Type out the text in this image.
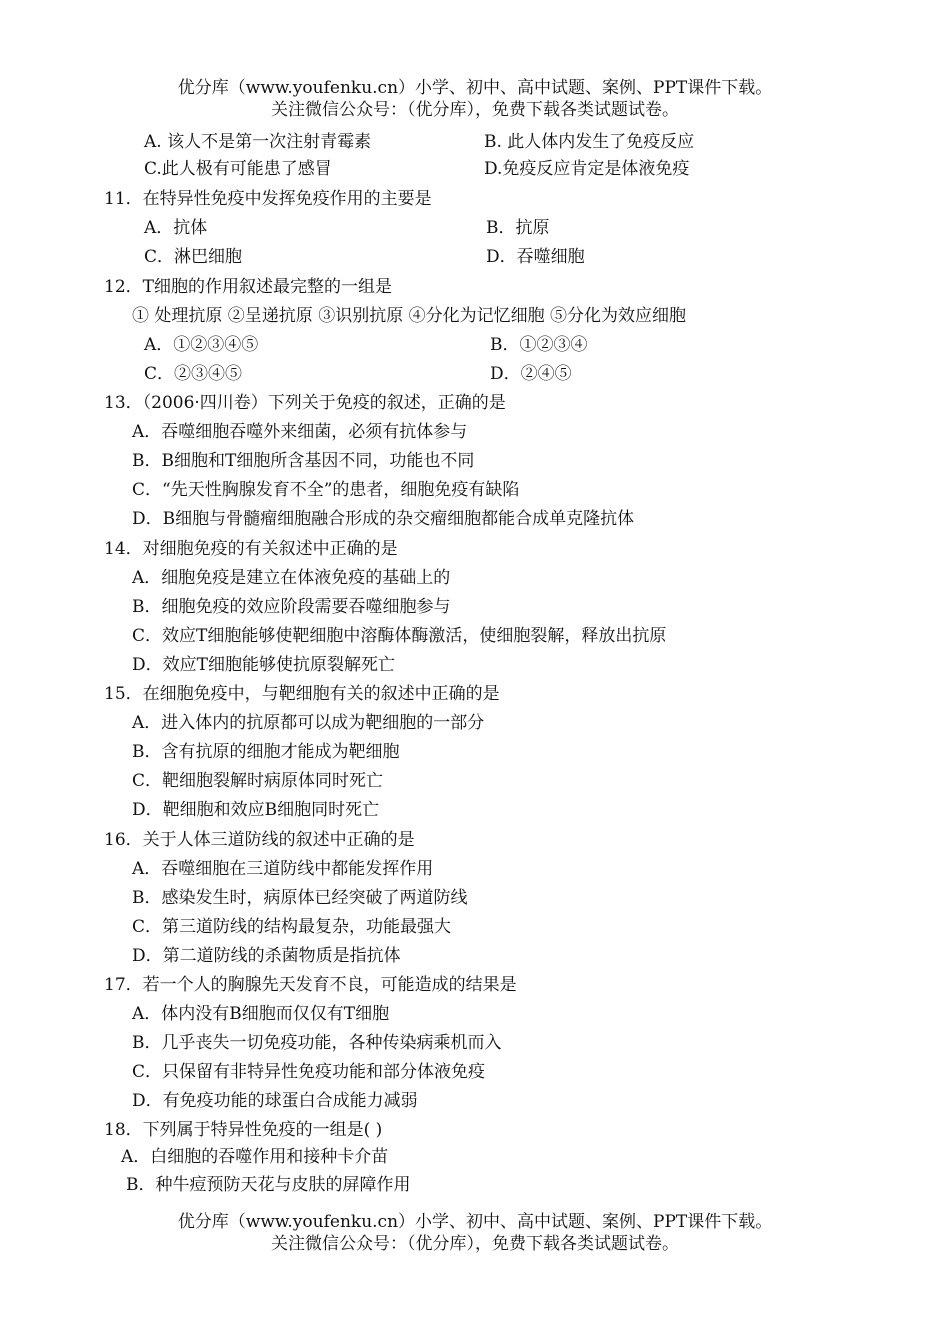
优分库（www.youfenku.cn）小学、初中、高中试题、案例、PPT课件下载。
关注微信公众号：（优分库），免费下载各类试题试卷。
A. 该人不是第一次注射青霉素	B. 此人体内发生了免疫反应
C.此人极有可能患了感冒	D.免疫反应肯定是体液免疫
11．在特异性免疫中发挥免疫作用的主要是
A．抗体	B．抗原
C．淋巴细胞	D．吞噬细胞
12．T细胞的作用叙述最完整的一组是
① 处理抗原 ②呈递抗原 ③识别抗原 ④分化为记忆细胞 ⑤分化为效应细胞
A．①②③④⑤	B．①②③④
C．②③④⑤	D．②④⑤
13．（2006·四川卷）下列关于免疫的叙述，正确的是
A．吞噬细胞吞噬外来细菌，必须有抗体参与
B．B细胞和T细胞所含基因不同，功能也不同
C．“先天性胸腺发育不全”的患者，细胞免疫有缺陷
D．B细胞与骨髓瘤细胞融合形成的杂交瘤细胞都能合成单克隆抗体
14．对细胞免疫的有关叙述中正确的是
A．细胞免疫是建立在体液免疫的基础上的
B．细胞免疫的效应阶段需要吞噬细胞参与
C．效应T细胞能够使靶细胞中溶酶体酶激活，使细胞裂解，释放出抗原
D．效应T细胞能够使抗原裂解死亡
15．在细胞免疫中，与靶细胞有关的叙述中正确的是
A．进入体内的抗原都可以成为靶细胞的一部分
B．含有抗原的细胞才能成为靶细胞
C．靶细胞裂解时病原体同时死亡
D．靶细胞和效应B细胞同时死亡
16．关于人体三道防线的叙述中正确的是
A．吞噬细胞在三道防线中都能发挥作用
B．感染发生时，病原体已经突破了两道防线
C．第三道防线的结构最复杂，功能最强大
D．第二道防线的杀菌物质是指抗体
17．若一个人的胸腺先天发育不良，可能造成的结果是
A．体内没有B细胞而仅仅有T细胞
B．几乎丧失一切免疫功能，各种传染病乘机而入
C．只保留有非特异性免疫功能和部分体液免疫
D．有免疫功能的球蛋白合成能力减弱
18．下列属于特异性免疫的一组是( )
A．白细胞的吞噬作用和接种卡介苗
B．种牛痘预防天花与皮肤的屏障作用
优分库（www.youfenku.cn）小学、初中、高中试题、案例、PPT课件下载。
关注微信公众号：（优分库），免费下载各类试题试卷。
